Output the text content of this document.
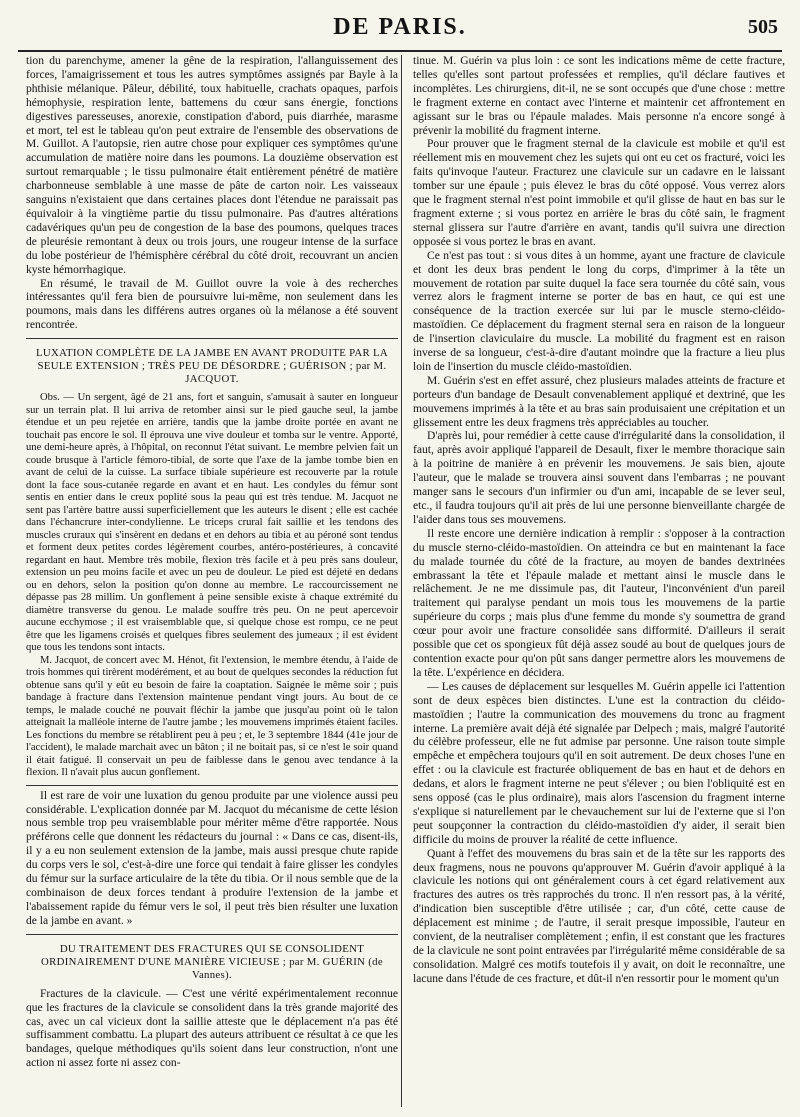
DE PARIS.	505

tion du parenchyme, amener la gêne de la respiration, l'allanguissement des forces, l'amaigrissement et tous les autres symptômes assignés par Bayle à la phthisie mélanique. Pâleur, débilité, toux habituelle, crachats opaques, parfois hémophysie, respiration lente, battemens du cœur sans énergie, fonctions digestives paresseuses, anorexie, constipation d'abord, puis diarrhée, marasme et mort, tel est le tableau qu'on peut extraire de l'ensemble des observations de M. Guillot. A l'autopsie, rien autre chose pour expliquer ces symptômes qu'une accumulation de matière noire dans les poumons. La douzième observation est surtout remarquable ; le tissu pulmonaire était entièrement pénétré de matière charbonneuse semblable à une masse de pâte de carton noir. Les vaisseaux sanguins n'existaient que dans certaines places dont l'étendue ne paraissait pas équivaloir à la vingtième partie du tissu pulmonaire. Pas d'autres altérations cadavériques qu'un peu de congestion de la base des poumons, quelques traces de pleurésie remontant à deux ou trois jours, une rougeur intense de la surface du lobe postérieur de l'hémisphère cérébral du côté droit, recouvrant un ancien kyste hémorrhagique.

En résumé, le travail de M. Guillot ouvre la voie à des recherches intéressantes qu'il fera bien de poursuivre lui-même, non seulement dans les poumons, mais dans les différens autres organes où la mélanose a été souvent rencontrée.

LUXATION COMPLÈTE DE LA JAMBE EN AVANT PRODUITE PAR LA SEULE EXTENSION ; TRÈS PEU DE DÉSORDRE ; GUÉRISON ; par M. JACQUOT.

Obs. — Un sergent, âgé de 21 ans, fort et sanguin, s'amusait à sauter en longueur sur un terrain plat. Il lui arriva de retomber ainsi sur le pied gauche seul, la jambe étendue et un peu rejetée en arrière, tandis que la jambe droite portée en avant ne touchait pas encore le sol. Il éprouva une vive douleur et tomba sur le ventre. Apporté, une demi-heure après, à l'hôpital, on reconnut l'état suivant. Le membre pelvien fait un coude brusque à l'article fémoro-tibial, de sorte que l'axe de la jambe tombe bien en avant de celui de la cuisse. La surface tibiale supérieure est recouverte par la rotule dont la face sous-cutanée regarde en avant et en haut. Les condyles du fémur sont sentis en entier dans le creux poplité sous la peau qui est très tendue. M. Jacquot ne sent pas l'artère battre aussi superficiellement que les auteurs le disent ; elle est cachée dans l'échancrure inter-condylienne. Le triceps crural fait saillie et les tendons des muscles cruraux qui s'insèrent en dedans et en dehors au tibia et au péroné sont tendus et forment deux petites cordes légèrement courbes, antéro-postérieures, à concavité regardant en haut. Membre très mobile, flexion très facile et à peu près sans douleur, extension un peu moins facile et avec un peu de douleur. Le pied est déjeté en dedans ou en dehors, selon la position qu'on donne au membre. Le raccourcissement ne dépasse pas 28 millim. Un gonflement à peine sensible existe à chaque extrémité du diamètre transverse du genou. Le malade souffre très peu. On ne peut apercevoir aucune ecchymose ; il est vraisemblable que, si quelque chose est rompu, ce ne peut être que les ligamens croisés et quelques fibres seulement des jumeaux ; il est évident que tous les tendons sont intacts.

M. Jacquot, de concert avec M. Hénot, fit l'extension, le membre étendu, à l'aide de trois hommes qui tirèrent modérément, et au bout de quelques secondes la réduction fut obtenue sans qu'il y eût eu besoin de faire la coaptation. Saignée le même soir ; puis bandage à fracture dans l'extension maintenue pendant vingt jours. Au bout de ce temps, le malade couché ne pouvait fléchir la jambe que jusqu'au point où le talon atteignait la malléole interne de l'autre jambe ; les mouvemens imprimés étaient faciles. Les fonctions du membre se rétablirent peu à peu ; et, le 3 septembre 1844 (41e jour de l'accident), le malade marchait avec un bâton ; il ne boitait pas, si ce n'est le soir quand il était fatigué. Il conservait un peu de faiblesse dans le genou avec tendance à la flexion. Il n'avait plus aucun gonflement.

Il est rare de voir une luxation du genou produite par une violence aussi peu considérable. L'explication donnée par M. Jacquot du mécanisme de cette lésion nous semble trop peu vraisemblable pour mériter même d'être rapportée. Nous préférons celle que donnent les rédacteurs du journal : « Dans ce cas, disent-ils, il y a eu non seulement extension de la jambe, mais aussi presque chute rapide du corps vers le sol, c'est-à-dire une force qui tendait à faire glisser les condyles du fémur sur la surface articulaire de la tête du tibia. Or il nous semble que de la combinaison de deux forces tendant à produire l'extension de la jambe et l'abaissement rapide du fémur vers le sol, il peut très bien résulter une luxation de la jambe en avant. »

DU TRAITEMENT DES FRACTURES QUI SE CONSOLIDENT ORDINAIREMENT D'UNE MANIÈRE VICIEUSE ; par M. GUÉRIN (de Vannes).

Fractures de la clavicule. — C'est une vérité expérimentalement reconnue que les fractures de la clavicule se consolident dans la très grande majorité des cas, avec un cal vicieux dont la saillie atteste que le déplacement n'a pas été suffisamment combattu. La plupart des auteurs attribuent ce résultat à ce que les bandages, quelque méthodiques qu'ils soient dans leur construction, n'ont une action ni assez forte ni assez con-

tinue. M. Guérin va plus loin : ce sont les indications même de cette fracture, telles qu'elles sont partout professées et remplies, qu'il déclare fautives et incomplètes. Les chirurgiens, dit-il, ne se sont occupés que d'une chose : mettre le fragment externe en contact avec l'interne et maintenir cet affrontement en agissant sur le bras ou l'épaule malades. Mais personne n'a encore songé à prévenir la mobilité du fragment interne.

Pour prouver que le fragment sternal de la clavicule est mobile et qu'il est réellement mis en mouvement chez les sujets qui ont eu cet os fracturé, voici les faits qu'invoque l'auteur. Fracturez une clavicule sur un cadavre en le laissant tomber sur une épaule ; puis élevez le bras du côté opposé. Vous verrez alors que le fragment sternal n'est point immobile et qu'il glisse de haut en bas sur le fragment externe ; si vous portez en arrière le bras du côté sain, le fragment sternal glissera sur l'autre d'arrière en avant, tandis qu'il suivra une direction opposée si vous portez le bras en avant.

Ce n'est pas tout : si vous dites à un homme, ayant une fracture de clavicule et dont les deux bras pendent le long du corps, d'imprimer à la tête un mouvement de rotation par suite duquel la face sera tournée du côté sain, vous verrez alors le fragment interne se porter de bas en haut, ce qui est une conséquence de la traction exercée sur lui par le muscle sterno-cléido-mastoïdien. Ce déplacement du fragment sternal sera en raison de la longueur de l'insertion claviculaire du muscle. La mobilité du fragment est en raison inverse de sa longueur, c'est-à-dire d'autant moindre que la fracture a lieu plus loin de l'insertion du muscle cléido-mastoïdien.

M. Guérin s'est en effet assuré, chez plusieurs malades atteints de fracture et porteurs d'un bandage de Desault convenablement appliqué et dextriné, que les mouvemens imprimés à la tête et au bras sain produisaient une crépitation et un glissement entre les deux fragmens très appréciables au toucher.

D'après lui, pour remédier à cette cause d'irrégularité dans la consolidation, il faut, après avoir appliqué l'appareil de Desault, fixer le membre thoracique sain à la poitrine de manière à en prévenir les mouvemens. Je sais bien, ajoute l'auteur, que le malade se trouvera ainsi souvent dans l'embarras ; ne pouvant manger sans le secours d'un infirmier ou d'un ami, incapable de se lever seul, etc., il faudra toujours qu'il ait près de lui une personne bienveillante chargée de l'aider dans tous ses mouvemens.

Il reste encore une dernière indication à remplir : s'opposer à la contraction du muscle sterno-cléido-mastoïdien. On atteindra ce but en maintenant la face du malade tournée du côté de la fracture, au moyen de bandes dextrinées embrassant la tête et l'épaule malade et mettant ainsi le muscle dans le relâchement. Je ne me dissimule pas, dit l'auteur, l'inconvénient d'un pareil traitement qui paralyse pendant un mois tous les mouvemens de la partie supérieure du corps ; mais plus d'une femme du monde s'y soumettra de grand cœur pour avoir une fracture consolidée sans difformité. D'ailleurs il serait possible que cet os spongieux fût déjà assez soudé au bout de quelques jours de contention exacte pour qu'on pût sans danger permettre alors les mouvemens de la tête. L'expérience en décidera.

— Les causes de déplacement sur lesquelles M. Guérin appelle ici l'attention sont de deux espèces bien distinctes. L'une est la contraction du cléido-mastoïdien ; l'autre la communication des mouvemens du tronc au fragment interne. La première avait déjà été signalée par Delpech ; mais, malgré l'autorité du célèbre professeur, elle ne fut admise par personne. Une raison toute simple empêche et empêchera toujours qu'il en soit autrement. De deux choses l'une en effet : ou la clavicule est fracturée obliquement de bas en haut et de dehors en dedans, et alors le fragment interne ne peut s'élever ; ou bien l'obliquité est en sens opposé (cas le plus ordinaire), mais alors l'ascension du fragment interne s'explique si naturellement par le chevauchement sur lui de l'externe que si l'on peut soupçonner la contraction du cléido-mastoïdien d'y aider, il serait bien difficile du moins de prouver la réalité de cette influence.

Quant à l'effet des mouvemens du bras sain et de la tête sur les rapports des deux fragmens, nous ne pouvons qu'approuver M. Guérin d'avoir appliqué à la clavicule les notions qui ont généralement cours à cet égard relativement aux fractures des autres os très rapprochés du tronc. Il n'en ressort pas, à la vérité, d'indication bien susceptible d'être utilisée ; car, d'un côté, cette cause de déplacement est minime ; de l'autre, il serait presque impossible, l'auteur en convient, de la neutraliser complètement ; enfin, il est constant que les fractures de la clavicule ne sont point entravées par l'irrégularité même considérable de sa consolidation. Malgré ces motifs toutefois il y avait, on doit le reconnaître, une lacune dans l'étude de ces fracture, et dût-il n'en ressortir pour le moment qu'un
